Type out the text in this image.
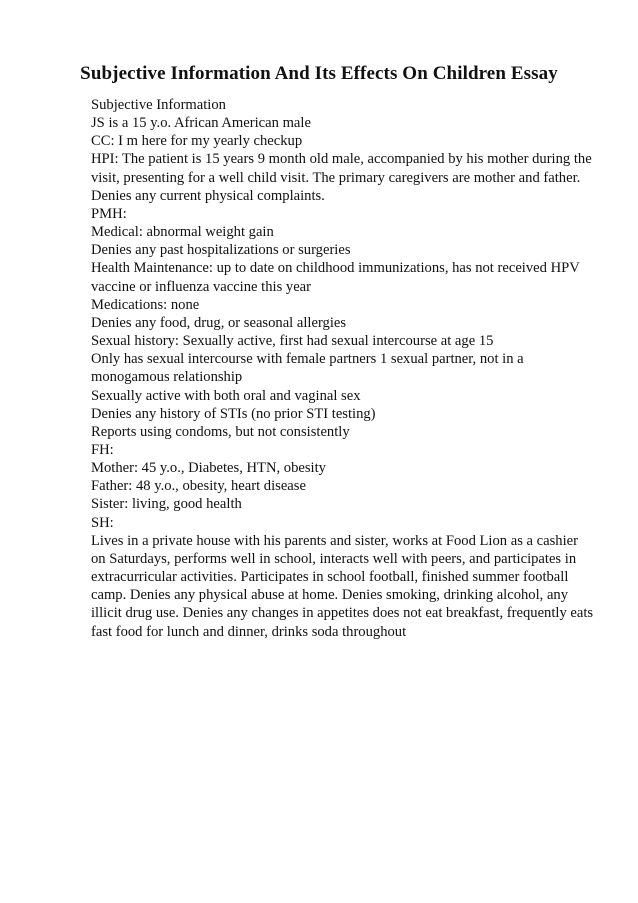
Subjective Information And Its Effects On Children Essay
Subjective Information
JS is a 15 y.o. African American male
CC: I m here for my yearly checkup
HPI: The patient is 15 years 9 month old male, accompanied by his mother during the visit, presenting for a well child visit. The primary caregivers are mother and father. Denies any current physical complaints.
PMH:
Medical: abnormal weight gain
Denies any past hospitalizations or surgeries
Health Maintenance: up to date on childhood immunizations, has not received HPV vaccine or influenza vaccine this year
Medications: none
Denies any food, drug, or seasonal allergies
Sexual history: Sexually active, first had sexual intercourse at age 15
Only has sexual intercourse with female partners 1 sexual partner, not in a monogamous relationship
Sexually active with both oral and vaginal sex
Denies any history of STIs (no prior STI testing)
Reports using condoms, but not consistently
FH:
Mother: 45 y.o., Diabetes, HTN, obesity
Father: 48 y.o., obesity, heart disease
Sister: living, good health
SH:
Lives in a private house with his parents and sister, works at Food Lion as a cashier on Saturdays, performs well in school, interacts well with peers, and participates in extracurricular activities. Participates in school football, finished summer football camp. Denies any physical abuse at home. Denies smoking, drinking alcohol, any illicit drug use. Denies any changes in appetites does not eat breakfast, frequently eats fast food for lunch and dinner, drinks soda throughout
